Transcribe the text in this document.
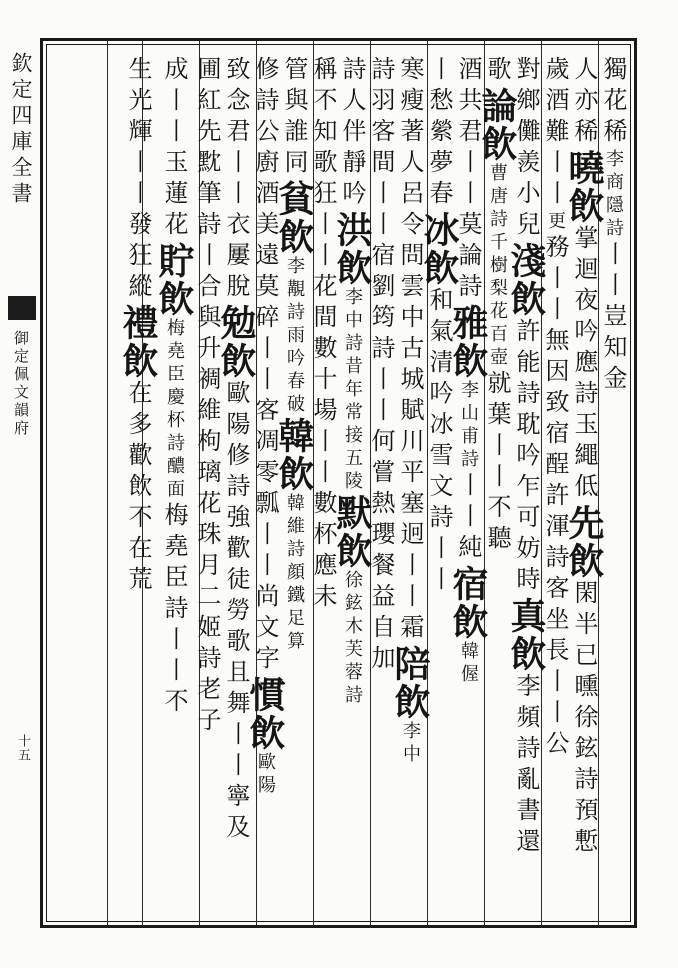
欽定四庫全書
御定佩文韻府
十五
獨花稀李商隱詩丨丨豈知金
人亦稀曉飲掌迴夜吟應詩玉繩低先飲閑半已曛徐鉉詩預慙
歲酒難丨丨更務丨丨無因致宿酲許渾詩客坐長丨丨公
對鄉儺羨小兒淺飲許能詩耽吟乍可妨時真飲李頻詩亂書還
歌論飲曹唐詩千樹梨花百壺就葉丨丨不聽
酒共君丨丨莫論詩雅飲李山甫詩丨丨純宿飲韓偓
丨愁縈夢春冰飲和氣清吟冰雪文詩丨丨
寒瘦著人呂令問雲中古城賦川平塞迥丨丨霜陪飲李中
詩羽客間丨丨宿劉筠詩丨丨何嘗熱瓔餐益自加
詩人伴靜吟洪飲李中詩昔年常接五陵默飲徐鉉木芙蓉詩
稱不知歌狂丨丨花間數十場丨丨數杯應未
管與誰同貧飲李覯詩雨吟春破韓飲韓維詩顔鐵足算
修詩公廚酒美遠莫碎丨丨客凋零瓢丨丨尚文字慣飲歐陽
致念君丨丨衣屢脫勉飲歐陽修詩強歡徒勞歌且舞丨丨寧及
圃紅先黕筆詩丨合與升裯維枸璃花珠月二姬詩老子
成丨丨玉蓮花貯飲梅堯臣慶杯詩醲面梅堯臣詩丨丨不
生光輝丨丨發狂縱禮飲在多歡飲不在荒
